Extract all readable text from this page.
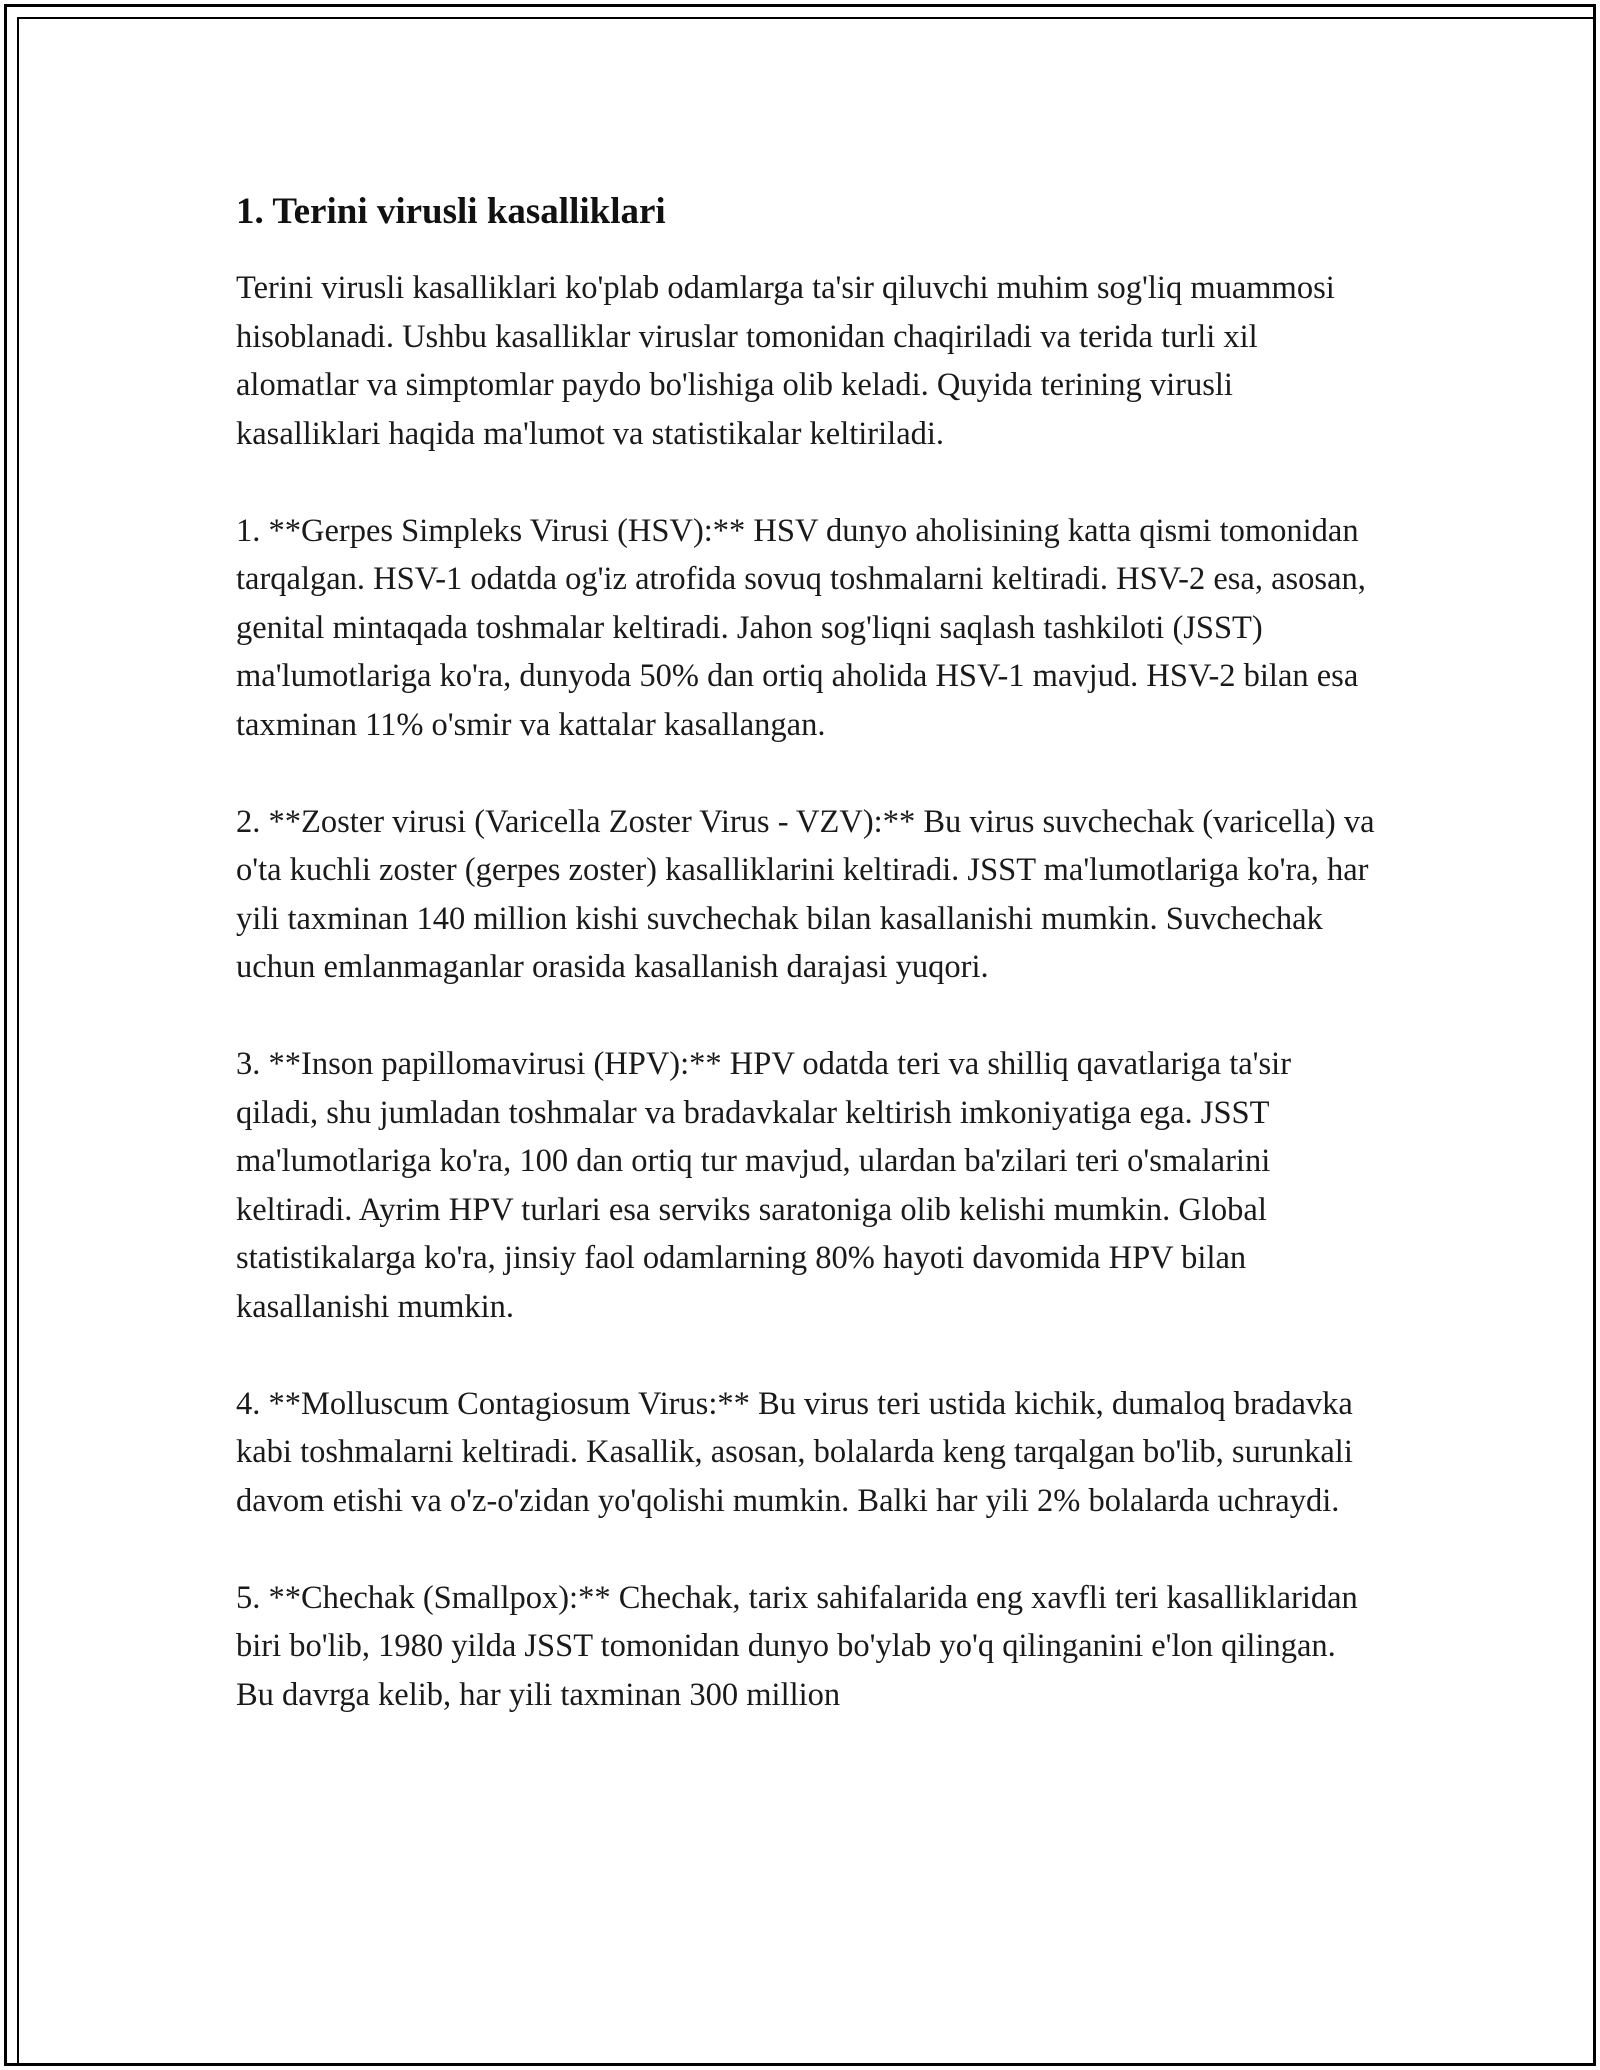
1. Terini virusli kasalliklari

Terini virusli kasalliklari ko'plab odamlarga ta'sir qiluvchi muhim sog'liq muammosi hisoblanadi. Ushbu kasalliklar viruslar tomonidan chaqiriladi va terida turli xil alomatlar va simptomlar paydo bo'lishiga olib keladi. Quyida terining virusli kasalliklari haqida ma'lumot va statistikalar keltiriladi.

1. **Gerpes Simpleks Virusi (HSV):** HSV dunyo aholisining katta qismi tomonidan tarqalgan. HSV-1 odatda og'iz atrofida sovuq toshmalarni keltiradi. HSV-2 esa, asosan, genital mintaqada toshmalar keltiradi. Jahon sog'liqni saqlash tashkiloti (JSST) ma'lumotlariga ko'ra, dunyoda 50% dan ortiq aholida HSV-1 mavjud. HSV-2 bilan esa taxminan 11% o'smir va kattalar kasallangan.

2. **Zoster virusi (Varicella Zoster Virus - VZV):** Bu virus suvchechak (varicella) va o'ta kuchli zoster (gerpes zoster) kasalliklarini keltiradi. JSST ma'lumotlariga ko'ra, har yili taxminan 140 million kishi suvchechak bilan kasallanishi mumkin. Suvchechak uchun emlanmaganlar orasida kasallanish darajasi yuqori.

3. **Inson papillomavirusi (HPV):** HPV odatda teri va shilliq qavatlariga ta'sir qiladi, shu jumladan toshmalar va bradavkalar keltirish imkoniyatiga ega. JSST ma'lumotlariga ko'ra, 100 dan ortiq tur mavjud, ulardan ba'zilari teri o'smalarini keltiradi. Ayrim HPV turlari esa serviks saratoniga olib kelishi mumkin. Global statistikalarga ko'ra, jinsiy faol odamlarning 80% hayoti davomida HPV bilan kasallanishi mumkin.

4. **Molluscum Contagiosum Virus:** Bu virus teri ustida kichik, dumaloq bradavka kabi toshmalarni keltiradi. Kasallik, asosan, bolalarda keng tarqalgan bo'lib, surunkali davom etishi va o'z-o'zidan yo'qolishi mumkin. Balki har yili 2% bolalarda uchraydi.

5. **Chechak (Smallpox):** Chechak, tarix sahifalarida eng xavfli teri kasalliklaridan biri bo'lib, 1980 yilda JSST tomonidan dunyo bo'ylab yo'q qilinganini e'lon qilingan. Bu davrga kelib, har yili taxminan 300 million
